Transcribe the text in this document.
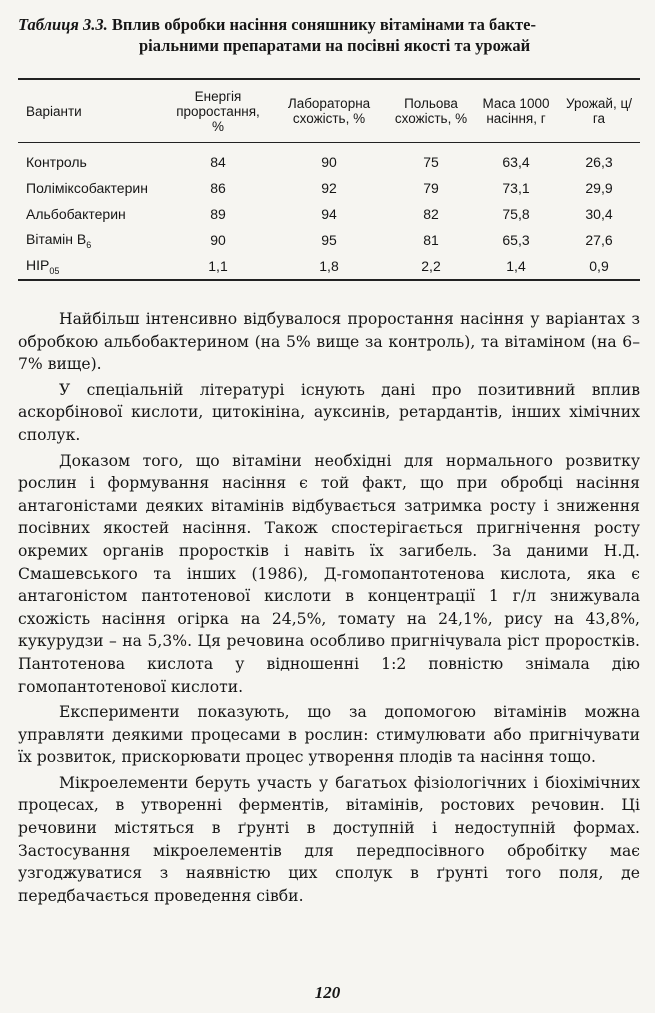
Таблиця 3.3. Вплив обробки насіння соняшнику вітамінами та бакте-
ріальними препаратами на посівні якості та урожай
Варіанти	Енергія проростання, %	Лабораторна схожість, %	Польова схожість, %	Маса 1000 насіння, г	Урожай, ц/га
Контроль	84	90	75	63,4	26,3
Поліміксобактерин	86	92	79	73,1	29,9
Альбобактерин	89	94	82	75,8	30,4
Вітамін $B_6$	90	95	81	65,3	27,6
$НІР_{05}$	1,1	1,8	2,2	1,4	0,9

Найбільш інтенсивно відбувалося проростання насіння у варіантах з обробкою альбобактерином (на 5% вище за контроль), та вітаміном (на 6–7% вище).

У спеціальній літературі існують дані про позитивний вплив аскорбінової кислоти, цитокініна, ауксинів, ретардантів, інших хімічних сполук.

Доказом того, що вітаміни необхідні для нормального розвитку рослин і формування насіння є той факт, що при обробці насіння антагоністами деяких вітамінів відбувається затримка росту і зниження посівних якостей насіння. Також спостерігається пригнічення росту окремих органів проростків і навіть їх загибель. За даними Н.Д. Смашевського та інших (1986), Д-гомопантотенова кислота, яка є антагоністом пантотенової кислоти в концентрації 1 г/л знижувала схожість насіння огірка на 24,5%, томату на 24,1%, рису на 43,8%, кукурудзи – на 5,3%. Ця речовина особливо пригнічувала ріст проростків. Пантотенова кислота у відношенні 1:2 повністю знімала дію гомопантотенової кислоти.

Експерименти показують, що за допомогою вітамінів можна управляти деякими процесами в рослин: стимулювати або пригнічувати їх розвиток, прискорювати процес утворення плодів та насіння тощо.

Мікроелементи беруть участь у багатьох фізіологічних і біохімічних процесах, в утворенні ферментів, вітамінів, ростових речовин. Ці речовини містяться в ґрунті в доступній і недоступній формах. Застосування мікроелементів для передпосівного обробітку має узгоджуватися з наявністю цих сполук в ґрунті того поля, де передбачається проведення сівби.

120
